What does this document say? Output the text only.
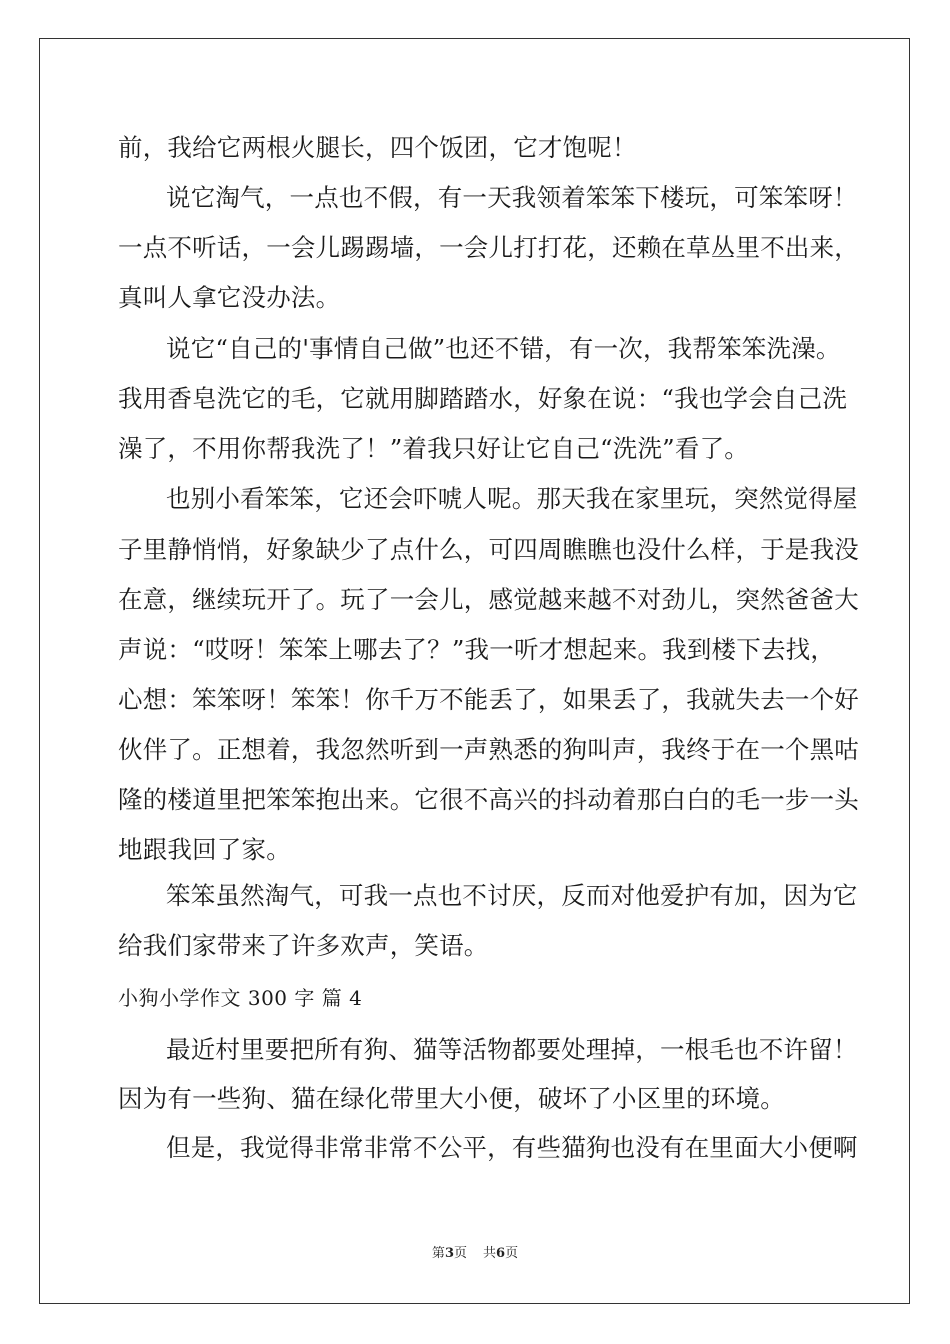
前，我给它两根火腿长，四个饭团，它才饱呢！
说它淘气，一点也不假，有一天我领着笨笨下楼玩，可笨笨呀！
一点不听话，一会儿踢踢墙，一会儿打打花，还赖在草丛里不出来，
真叫人拿它没办法。
说它“自己的'事情自己做”也还不错，有一次，我帮笨笨洗澡。
我用香皂洗它的毛，它就用脚踏踏水，好象在说：“我也学会自己洗
澡了，不用你帮我洗了！”着我只好让它自己“洗洗”看了。
也别小看笨笨，它还会吓唬人呢。那天我在家里玩，突然觉得屋
子里静悄悄，好象缺少了点什么，可四周瞧瞧也没什么样，于是我没
在意，继续玩开了。玩了一会儿，感觉越来越不对劲儿，突然爸爸大
声说：“哎呀！笨笨上哪去了？”我一听才想起来。我到楼下去找，
心想：笨笨呀！笨笨！你千万不能丢了，如果丢了，我就失去一个好
伙伴了。正想着，我忽然听到一声熟悉的狗叫声，我终于在一个黑咕
隆的楼道里把笨笨抱出来。它很不高兴的抖动着那白白的毛一步一头
地跟我回了家。
笨笨虽然淘气，可我一点也不讨厌，反而对他爱护有加，因为它
给我们家带来了许多欢声，笑语。
小狗小学作文 300 字 篇 4
最近村里要把所有狗、猫等活物都要处理掉，一根毛也不许留！
因为有一些狗、猫在绿化带里大小便，破坏了小区里的环境。
但是，我觉得非常非常不公平，有些猫狗也没有在里面大小便啊
第3页 共6页
